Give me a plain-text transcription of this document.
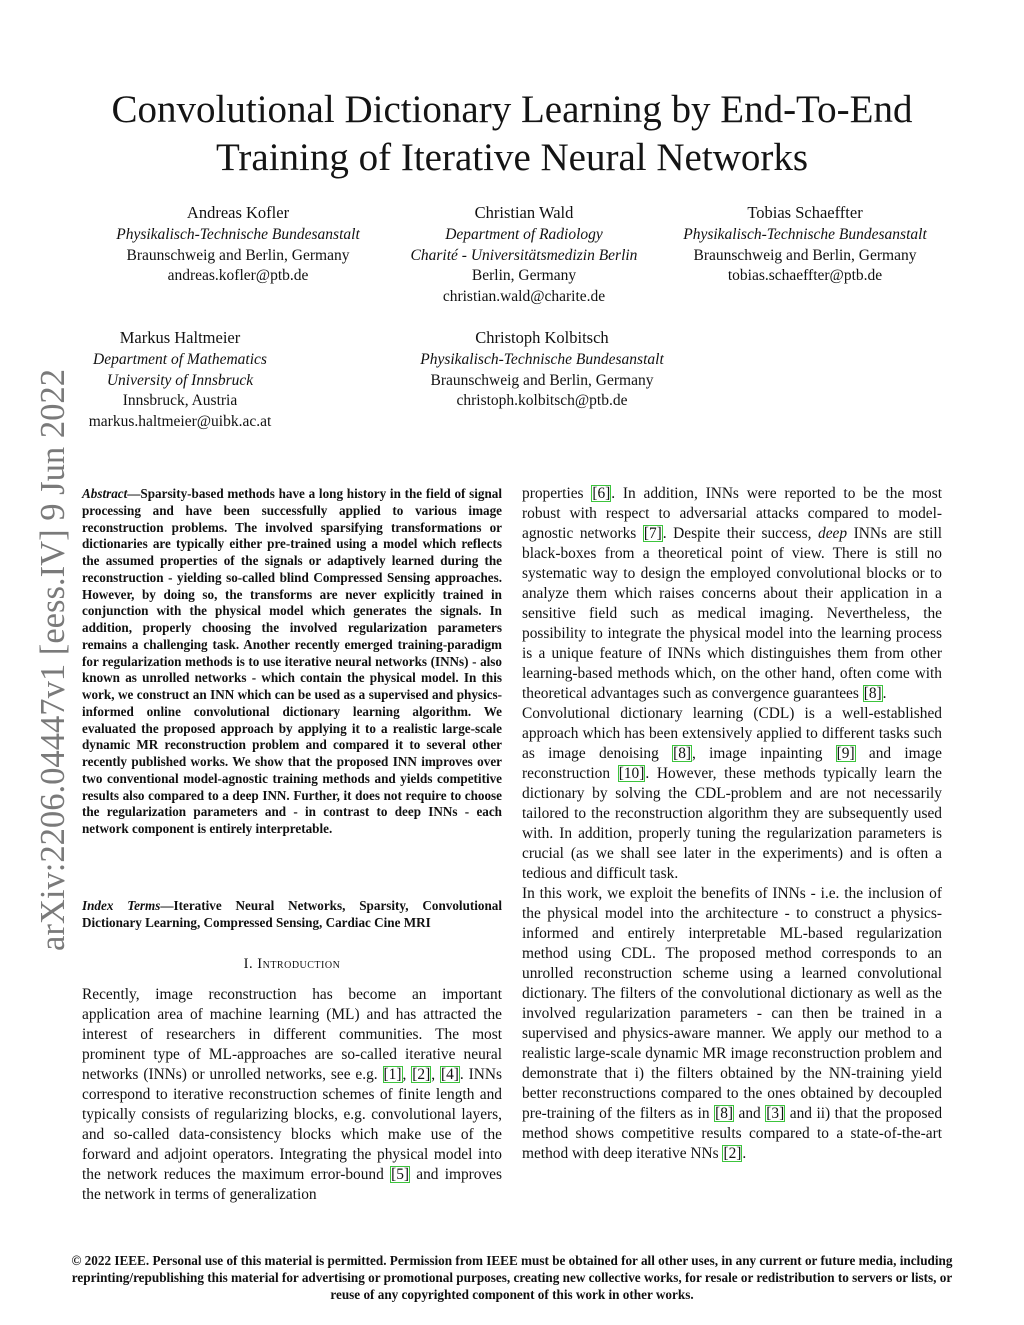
arXiv:2206.04447v1 [eess.IV] 9 Jun 2022
Convolutional Dictionary Learning by End-To-End
Training of Iterative Neural Networks
Andreas Kofler
Physikalisch-Technische Bundesanstalt
Braunschweig and Berlin, Germany
andreas.kofler@ptb.de
Christian Wald
Department of Radiology
Charité - Universitätsmedizin Berlin
Berlin, Germany
christian.wald@charite.de
Tobias Schaeffter
Physikalisch-Technische Bundesanstalt
Braunschweig and Berlin, Germany
tobias.schaeffter@ptb.de
Markus Haltmeier
Department of Mathematics
University of Innsbruck
Innsbruck, Austria
markus.haltmeier@uibk.ac.at
Christoph Kolbitsch
Physikalisch-Technische Bundesanstalt
Braunschweig and Berlin, Germany
christoph.kolbitsch@ptb.de
Abstract—Sparsity-based methods have a long history in the field of signal processing and have been successfully applied to various image reconstruction problems. The involved sparsifying transformations or dictionaries are typically either pre-trained using a model which reflects the assumed properties of the signals or adaptively learned during the reconstruction - yielding so-called blind Compressed Sensing approaches. However, by doing so, the transforms are never explicitly trained in conjunction with the physical model which generates the signals. In addition, properly choosing the involved regularization parameters remains a challenging task. Another recently emerged training-paradigm for regularization methods is to use iterative neural networks (INNs) - also known as unrolled networks - which contain the physical model. In this work, we construct an INN which can be used as a supervised and physics-informed online convolutional dictionary learning algorithm. We evaluated the proposed approach by applying it to a realistic large-scale dynamic MR reconstruction problem and compared it to several other recently published works. We show that the proposed INN improves over two conventional model-agnostic training methods and yields competitive results also compared to a deep INN. Further, it does not require to choose the regularization parameters and - in contrast to deep INNs - each network component is entirely interpretable.
Index Terms—Iterative Neural Networks, Sparsity, Convolutional Dictionary Learning, Compressed Sensing, Cardiac Cine MRI
I. Introduction

Recently, image reconstruction has become an important application area of machine learning (ML) and has attracted the interest of researchers in different communities. The most prominent type of ML-approaches are so-called iterative neural networks (INNs) or unrolled networks, see e.g. [1], [2], [4]. INNs correspond to iterative reconstruction schemes of finite length and typically consists of regularizing blocks, e.g. convolutional layers, and so-called data-consistency blocks which make use of the forward and adjoint operators. Integrating the physical model into the network reduces the maximum error-bound [5] and improves the network in terms of generalization

properties [6]. In addition, INNs were reported to be the most robust with respect to adversarial attacks compared to model-agnostic networks [7]. Despite their success, deep INNs are still black-boxes from a theoretical point of view. There is still no systematic way to design the employed convolutional blocks or to analyze them which raises concerns about their application in a sensitive field such as medical imaging. Nevertheless, the possibility to integrate the physical model into the learning process is a unique feature of INNs which distinguishes them from other learning-based methods which, on the other hand, often come with theoretical advantages such as convergence guarantees [8].

Convolutional dictionary learning (CDL) is a well-established approach which has been extensively applied to different tasks such as image denoising [8], image inpainting [9] and image reconstruction [10]. However, these methods typically learn the dictionary by solving the CDL-problem and are not necessarily tailored to the reconstruction algorithm they are subsequently used with. In addition, properly tuning the regularization parameters is crucial (as we shall see later in the experiments) and is often a tedious and difficult task.

In this work, we exploit the benefits of INNs - i.e. the inclusion of the physical model into the architecture - to construct a physics-informed and entirely interpretable ML-based regularization method using CDL. The proposed method corresponds to an unrolled reconstruction scheme using a learned convolutional dictionary. The filters of the convolutional dictionary as well as the involved regularization parameters - can then be trained in a supervised and physics-aware manner. We apply our method to a realistic large-scale dynamic MR image reconstruction problem and demonstrate that i) the filters obtained by the NN-training yield better reconstructions compared to the ones obtained by decoupled pre-training of the filters as in [8] and [3] and ii) that the proposed method shows competitive results compared to a state-of-the-art method with deep iterative NNs [2].

© 2022 IEEE. Personal use of this material is permitted. Permission from IEEE must be obtained for all other uses, in any current or future media, including reprinting/republishing this material for advertising or promotional purposes, creating new collective works, for resale or redistribution to servers or lists, or reuse of any copyrighted component of this work in other works.
